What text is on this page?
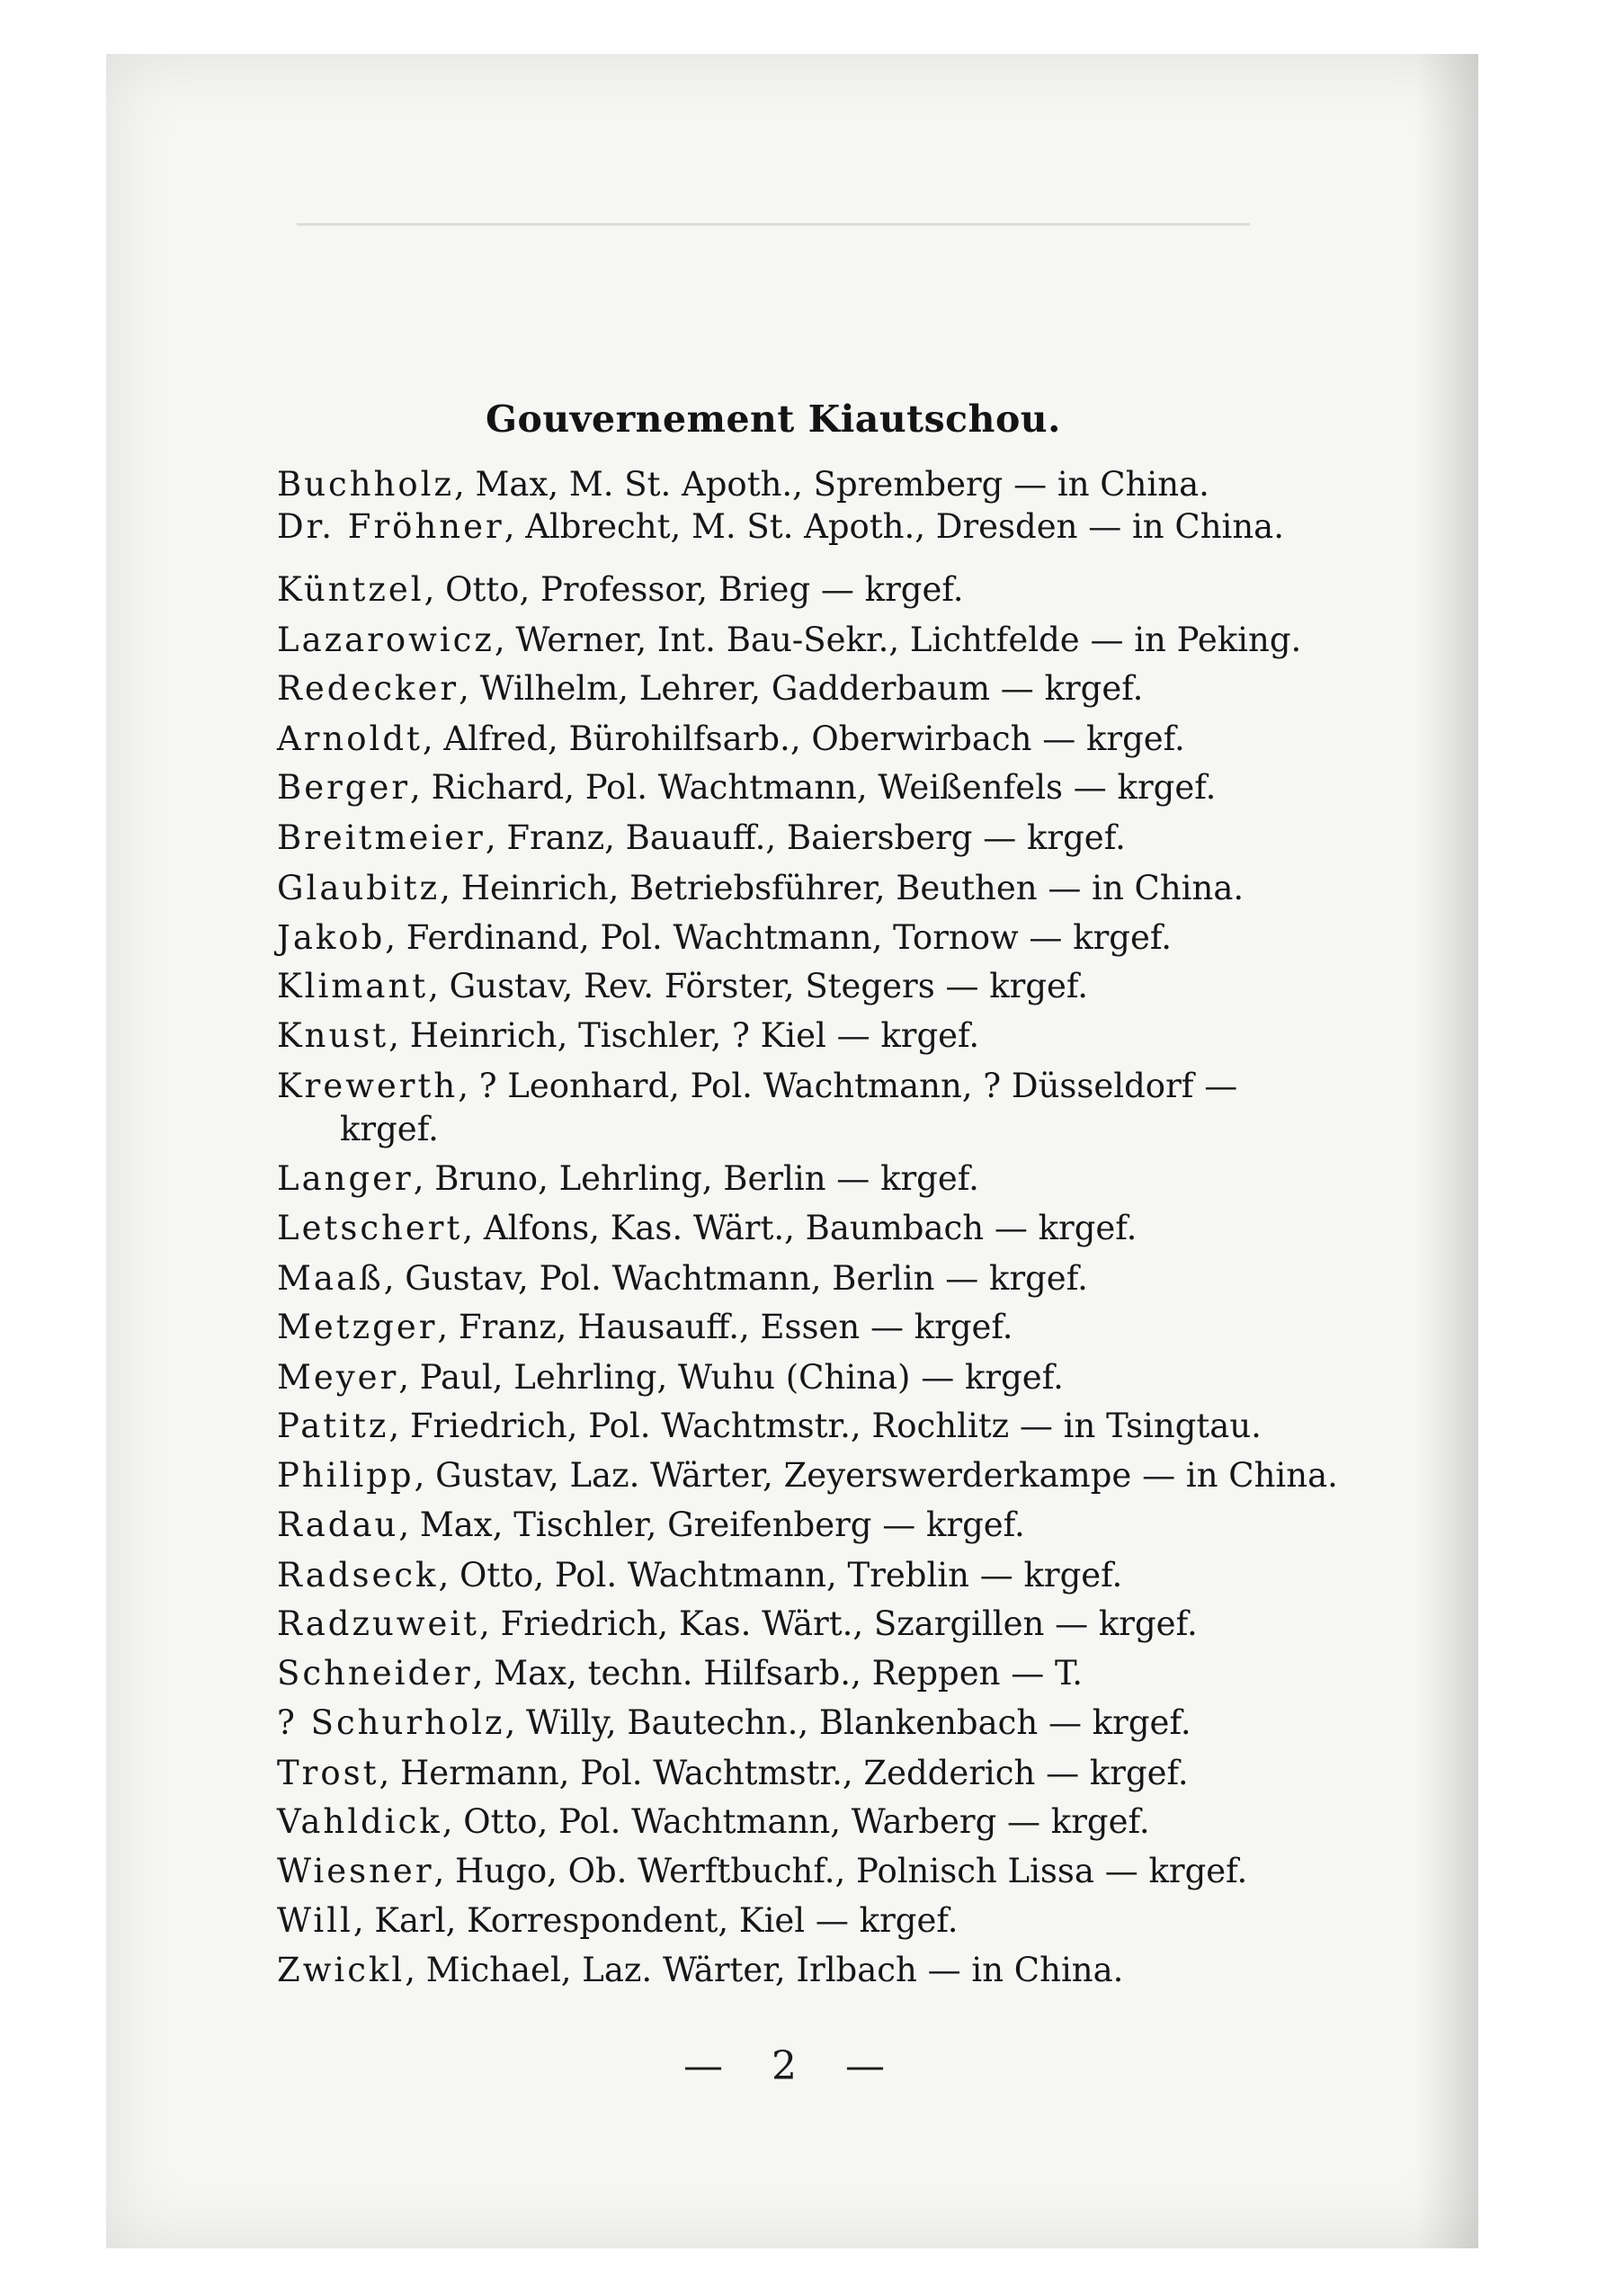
Gouvernement Kiautschou.
Buchholz, Max, M. St. Apoth., Spremberg — in China.
Dr. Fröhner, Albrecht, M. St. Apoth., Dresden — in China.
Küntzel, Otto, Professor, Brieg — krgef.
Lazarowicz, Werner, Int. Bau-Sekr., Lichtfelde — in Peking.
Redecker, Wilhelm, Lehrer, Gadderbaum — krgef.
Arnoldt, Alfred, Bürohilfsarb., Oberwirbach — krgef.
Berger, Richard, Pol. Wachtmann, Weißenfels — krgef.
Breitmeier, Franz, Bauauff., Baiersberg — krgef.
Glaubitz, Heinrich, Betriebsführer, Beuthen — in China.
Jakob, Ferdinand, Pol. Wachtmann, Tornow — krgef.
Klimant, Gustav, Rev. Förster, Stegers — krgef.
Knust, Heinrich, Tischler, ? Kiel — krgef.
Krewerth, ? Leonhard, Pol. Wachtmann, ? Düsseldorf —
krgef.
Langer, Bruno, Lehrling, Berlin — krgef.
Letschert, Alfons, Kas. Wärt., Baumbach — krgef.
Maaß, Gustav, Pol. Wachtmann, Berlin — krgef.
Metzger, Franz, Hausauff., Essen — krgef.
Meyer, Paul, Lehrling, Wuhu (China) — krgef.
Patitz, Friedrich, Pol. Wachtmstr., Rochlitz — in Tsingtau.
Philipp, Gustav, Laz. Wärter, Zeyerswerderkampe — in China.
Radau, Max, Tischler, Greifenberg — krgef.
Radseck, Otto, Pol. Wachtmann, Treblin — krgef.
Radzuweit, Friedrich, Kas. Wärt., Szargillen — krgef.
Schneider, Max, techn. Hilfsarb., Reppen — T.
? Schurholz, Willy, Bautechn., Blankenbach — krgef.
Trost, Hermann, Pol. Wachtmstr., Zedderich — krgef.
Vahldick, Otto, Pol. Wachtmann, Warberg — krgef.
Wiesner, Hugo, Ob. Werftbuchf., Polnisch Lissa — krgef.
Will, Karl, Korrespondent, Kiel — krgef.
Zwickl, Michael, Laz. Wärter, Irlbach — in China.
— 2 —
